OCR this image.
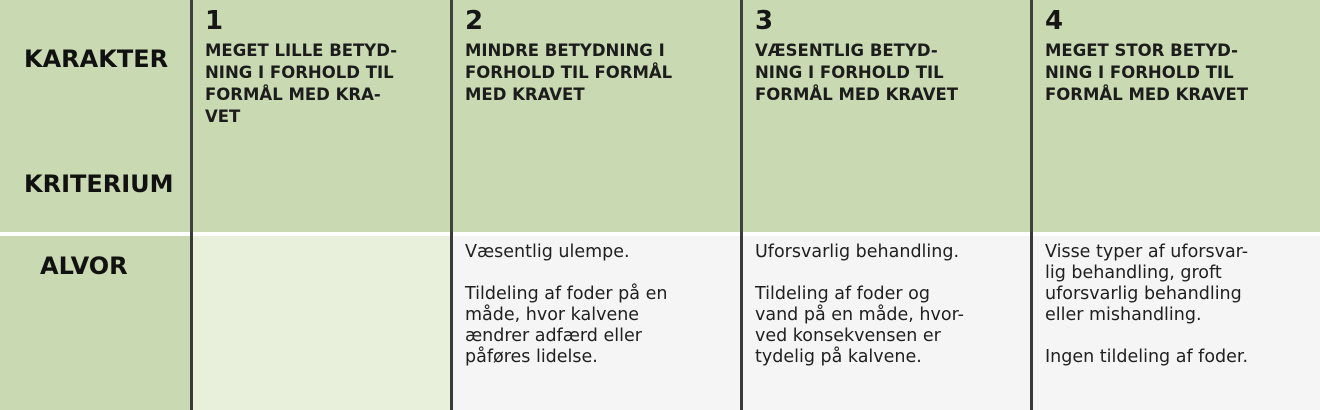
KARAKTER
KRITERIUM
1
MEGET LILLE BETYD-
NING I FORHOLD TIL
FORMÅL MED KRA-
VET
2
MINDRE BETYDNING I
FORHOLD TIL FORMÅL
MED KRAVET
3
VÆSENTLIG BETYD-
NING I FORHOLD TIL
FORMÅL MED KRAVET
4
MEGET STOR BETYD-
NING I FORHOLD TIL
FORMÅL MED KRAVET
ALVOR	Væsentlig ulempe.

Tildeling af foder på en
måde, hvor kalvene
ændrer adfærd eller
påføres lidelse.
Uforsvarlig behandling.

Tildeling af foder og
vand på en måde, hvor-
ved konsekvensen er
tydelig på kalvene.
Visse typer af uforsvar-
lig behandling, groft
uforsvarlig behandling
eller mishandling.

Ingen tildeling af foder.
